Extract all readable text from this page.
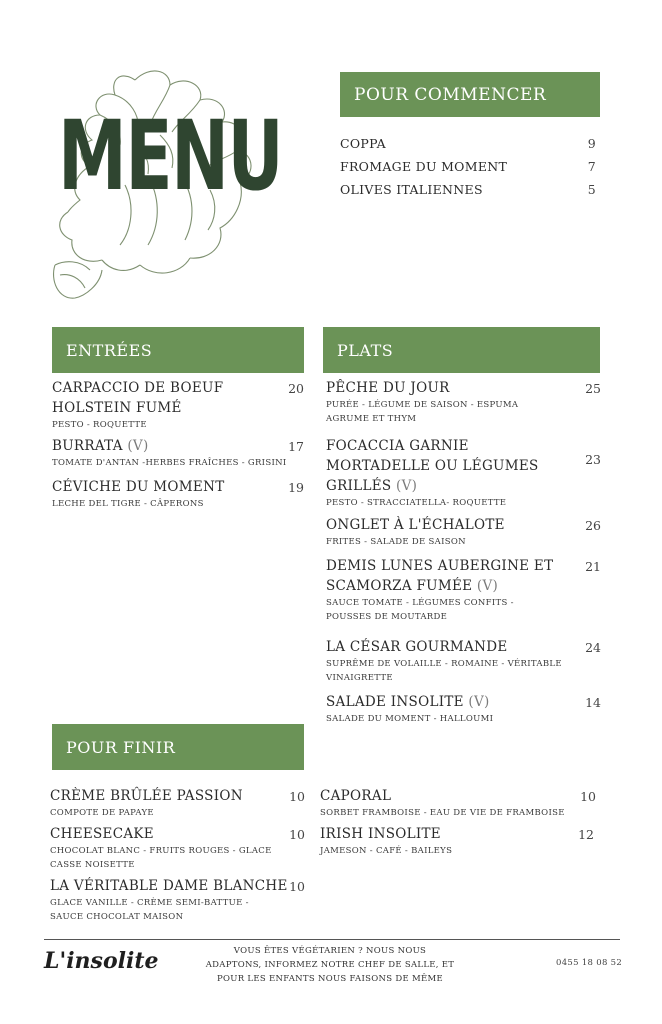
MENU
POUR COMMENCER
COPPA	9
FROMAGE DU MOMENT	7
OLIVES ITALIENNES	5
ENTRÉES
CARPACCIO DE BOEUF
HOLSTEIN FUMÉ
PESTO - ROQUETTE
20
BURRATA (V)
TOMATE D'ANTAN -HERBES FRAÎCHES - GRISINI
17
CÉVICHE DU MOMENT
LECHE DEL TIGRE - CÂPERONS
19
PLATS
PÊCHE DU JOUR
PURÉE - LÉGUME DE SAISON - ESPUMA
AGRUME ET THYM
25
FOCACCIA GARNIE
MORTADELLE OU LÉGUMES
GRILLÉS (V)
PESTO - STRACCIATELLA- ROQUETTE
23
ONGLET À L'ÉCHALOTE
FRITES - SALADE DE SAISON
26
DEMIS LUNES AUBERGINE ET
SCAMORZA FUMÉE (V)
SAUCE TOMATE - LÉGUMES CONFITS -
POUSSES DE MOUTARDE
21
LA CÉSAR GOURMANDE
SUPRÊME DE VOLAILLE - ROMAINE - VÉRITABLE
VINAIGRETTE
24
SALADE INSOLITE (V)
SALADE DU MOMENT - HALLOUMI
14
POUR FINIR
CRÈME BRÛLÉE PASSION
COMPOTE DE PAPAYE
10
CHEESECAKE
CHOCOLAT BLANC - FRUITS ROUGES - GLACE
CASSE NOISETTE
10
LA VÉRITABLE DAME BLANCHE
GLACE VANILLE - CRÈME SEMI-BATTUE -
SAUCE CHOCOLAT MAISON
10
CAPORAL
SORBET FRAMBOISE - EAU DE VIE DE FRAMBOISE
10
IRISH INSOLITE
JAMESON - CAFÉ - BAILEYS
12
L'insolite	VOUS ÊTES VÉGÉTARIEN ? NOUS NOUS
ADAPTONS, INFORMEZ NOTRE CHEF DE SALLE, ET
POUR LES ENFANTS NOUS FAISONS DE MÊME
0455 18 08 52
